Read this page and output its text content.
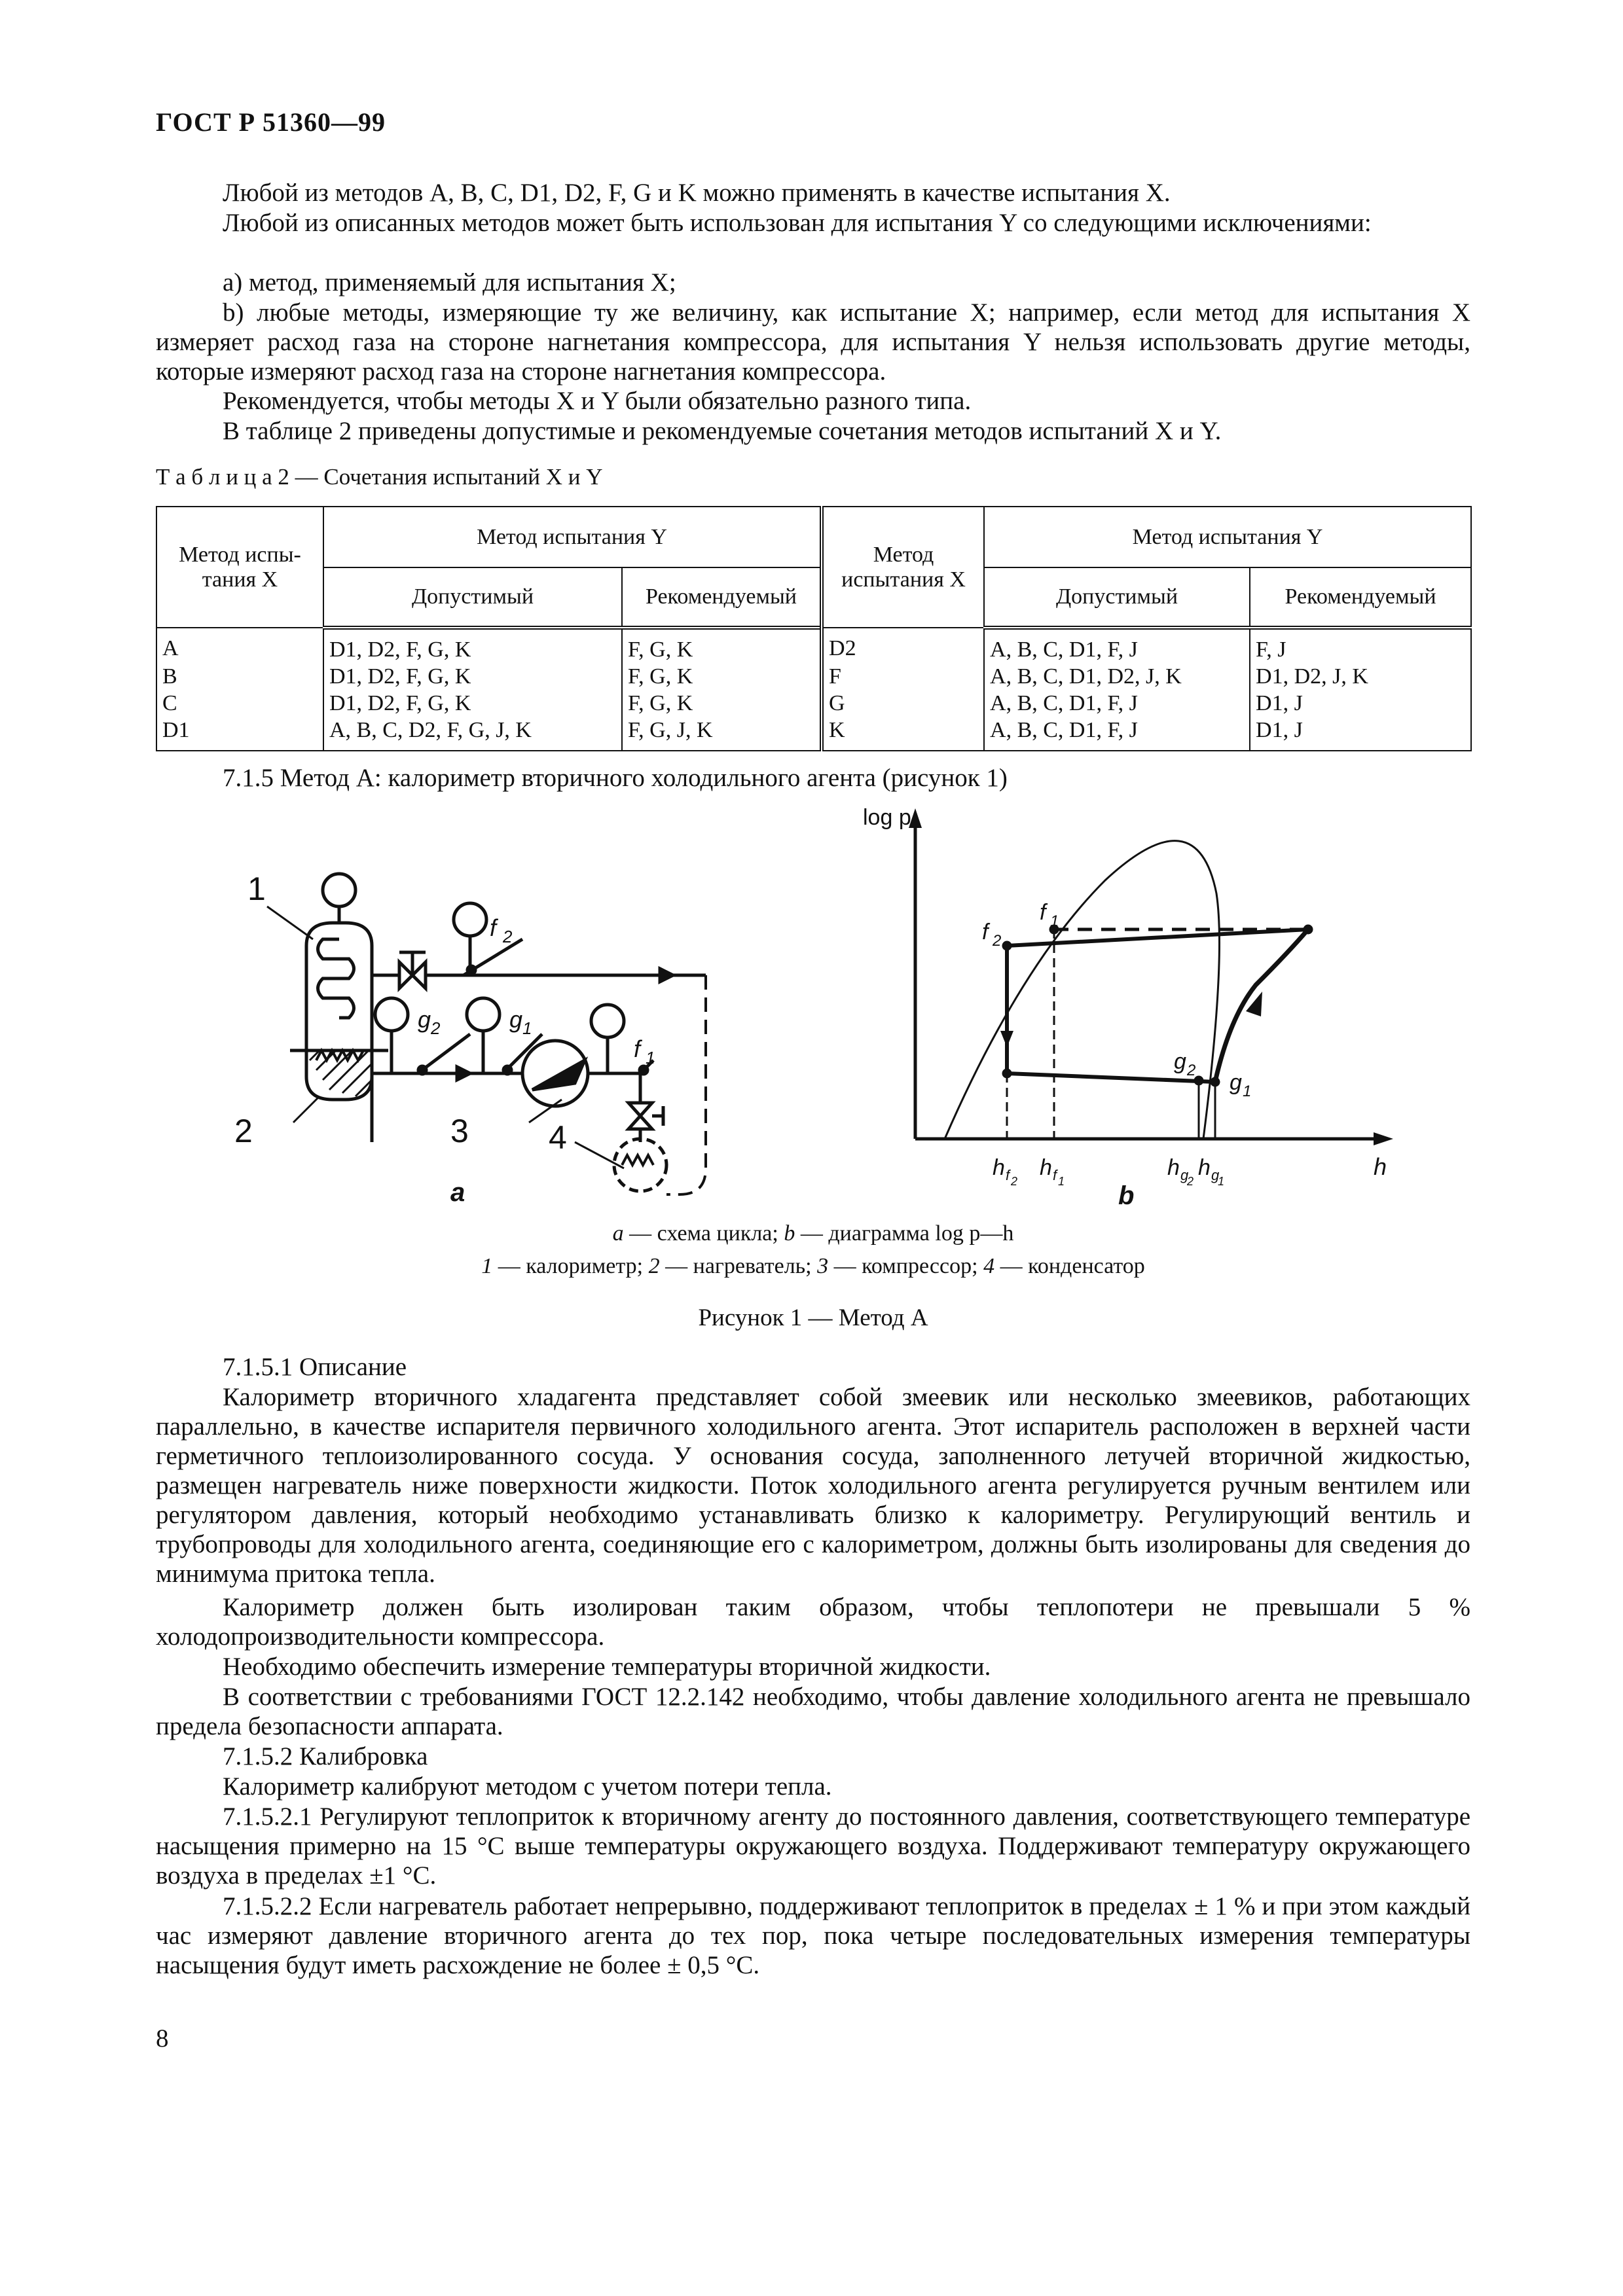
ГОСТ Р 51360—99
Любой из методов A, B, C, D1, D2, F, G и K можно применять в качестве испытания X.
Любой из описанных методов может быть использован для испытания Y со следующими исключениями:
a) метод, применяемый для испытания X;
b) любые методы, измеряющие ту же величину, как испытание X; например, если метод для испытания X измеряет расход газа на стороне нагнетания компрессора, для испытания Y нельзя использовать другие методы, которые измеряют расход газа на стороне нагнетания компрессора.
Рекомендуется, чтобы методы X и Y были обязательно разного типа.
В таблице 2 приведены допустимые и рекомендуемые сочетания методов испытаний X и Y.
Т а б л и ц а 2 — Сочетания испытаний X и Y
Метод испытания X	Метод испытания Y		Метод испытания X	Метод испытания Y	
	Допустимый	Рекомендуемый		Допустимый	Рекомендуемый
A	D1, D2, F, G, K	F, G, K	D2	A, B, C, D1, F, J	F, J
B	D1, D2, F, G, K	F, G, K	F	A, B, C, D1, D2, J, K	D1, D2, J, K
C	D1, D2, F, G, K	F, G, K	G	A, B, C, D1, F, J	D1, J
D1	A, B, C, D2, F, G, J, K	F, G, J, K	K	A, B, C, D1, F, J	D1, J
7.1.5 Метод A: калориметр вторичного холодильного агента (рисунок 1)
1
2	3 4
f 2
g 2	g 1
f 1
a
log p
h
f 1
f 2
g 2 g 1
h f 2
h f 1
h g
2
h g
1
b
a — схема цикла; b — диаграмма log p—h
1 — калориметр; 2 — нагреватель; 3 — компрессор; 4 — конденсатор
Рисунок 1 — Метод A
7.1.5.1 Описание
Калориметр вторичного хладагента представляет собой змеевик или несколько змеевиков, работающих параллельно, в качестве испарителя первичного холодильного агента. Этот испаритель расположен в верхней части герметичного теплоизолированного сосуда. У основания сосуда, заполненного летучей вторичной жидкостью, размещен нагреватель ниже поверхности жидкости. Поток холодильного агента регулируется ручным вентилем или регулятором давления, который необходимо устанавливать близко к калориметру. Регулирующий вентиль и трубопроводы для холодильного агента, соединяющие его с калориметром, должны быть изолированы для сведения до минимума притока тепла.
Калориметр должен быть изолирован таким образом, чтобы теплопотери не превышали 5 % холодопроизводительности компрессора.
Необходимо обеспечить измерение температуры вторичной жидкости.
В соответствии с требованиями ГОСТ 12.2.142 необходимо, чтобы давление холодильного агента не превышало предела безопасности аппарата.
7.1.5.2 Калибровка
Калориметр калибруют методом с учетом потери тепла.
7.1.5.2.1 Регулируют теплоприток к вторичному агенту до постоянного давления, соответствующего температуре насыщения примерно на 15 °C выше температуры окружающего воздуха. Поддерживают температуру окружающего воздуха в пределах ±1 °C.
7.1.5.2.2 Если нагреватель работает непрерывно, поддерживают теплоприток в пределах ± 1 % и при этом каждый час измеряют давление вторичного агента до тех пор, пока четыре последовательных измерения температуры насыщения будут иметь расхождение не более ± 0,5 °C.
8
